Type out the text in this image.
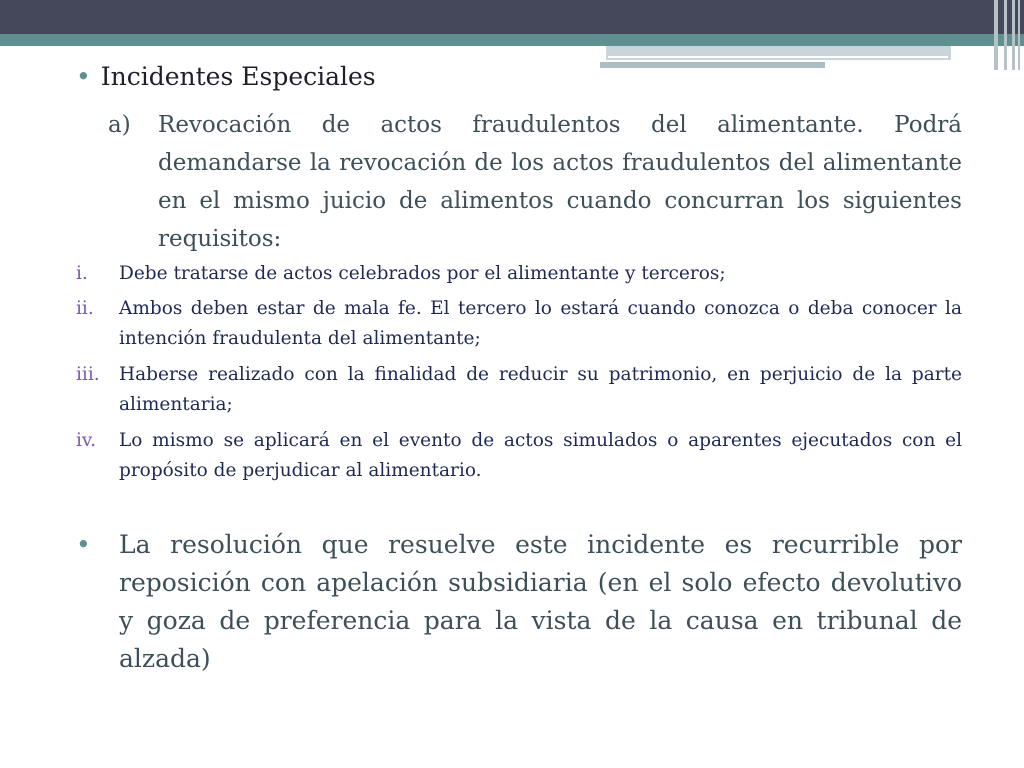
• Incidentes Especiales
a) Revocación de actos fraudulentos del alimentante. Podrá demandarse la revocación de los actos fraudulentos del alimentante en el mismo juicio de alimentos cuando concurran los siguientes requisitos:
i. Debe tratarse de actos celebrados por el alimentante y terceros;
ii. Ambos deben estar de mala fe. El tercero lo estará cuando conozca o deba conocer la intención fraudulenta del alimentante;
iii. Haberse realizado con la finalidad de reducir su patrimonio, en perjuicio de la parte alimentaria;
iv. Lo mismo se aplicará en el evento de actos simulados o aparentes ejecutados con el propósito de perjudicar al alimentario.
• La resolución que resuelve este incidente es recurrible por reposición con apelación subsidiaria (en el solo efecto devolutivo y goza de preferencia para la vista de la causa en tribunal de alzada)
